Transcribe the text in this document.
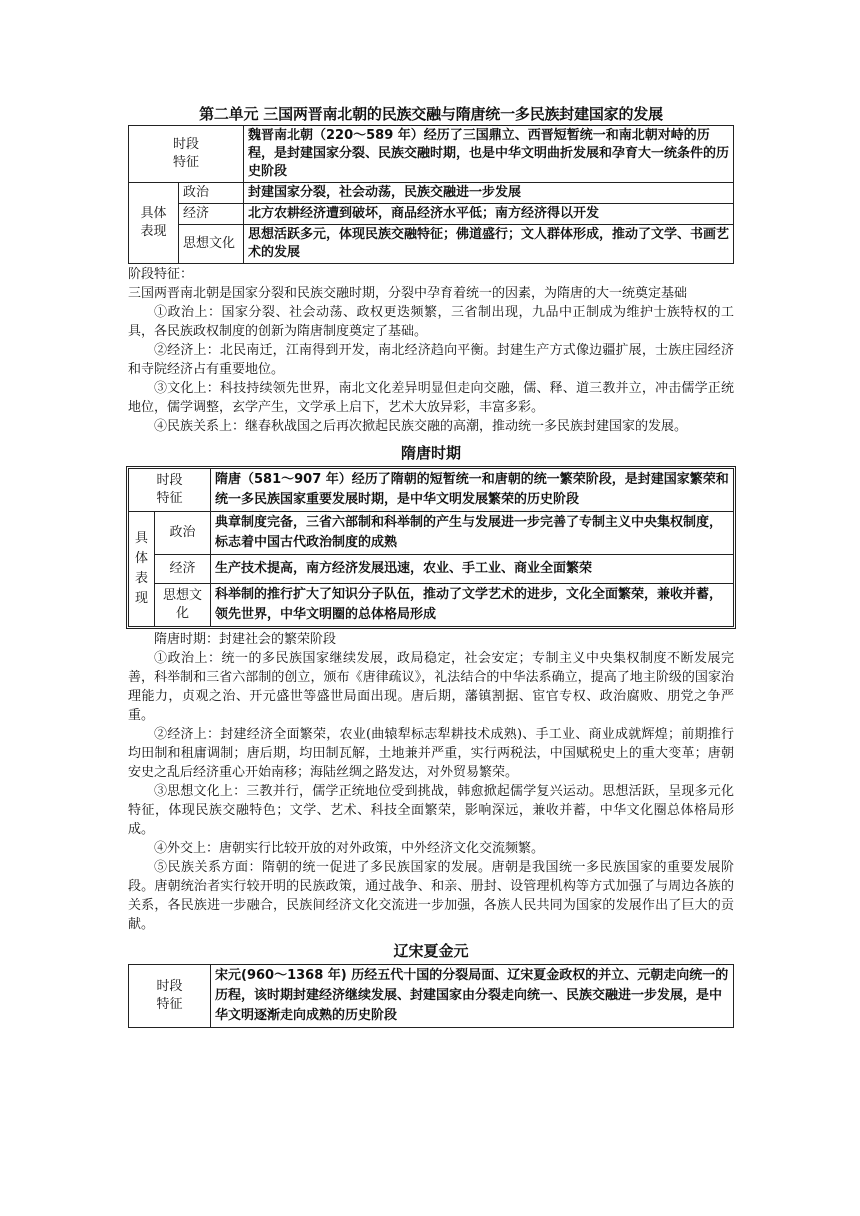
第二单元 三国两晋南北朝的民族交融与隋唐统一多民族封建国家的发展
时段
特征		魏晋南北朝（220～589 年）经历了三国鼎立、西晋短暂统一和南北朝对峙的历程，是封建国家分裂、民族交融时期，也是中华文明曲折发展和孕育大一统条件的历史阶段

具体
表现	政治	封建国家分裂，社会动荡，民族交融进一步发展
	经济	北方农耕经济遭到破坏，商品经济水平低；南方经济得以开发
	思想文化	思想活跃多元，体现民族交融特征；佛道盛行；文人群体形成，推动了文学、书画艺术的发展
阶段特征：

三国两晋南北朝是国家分裂和民族交融时期，分裂中孕育着统一的因素，为隋唐的大一统奠定基础

①政治上：国家分裂、社会动荡、政权更迭频繁，三省制出现，九品中正制成为维护士族特权的工具，各民族政权制度的创新为隋唐制度奠定了基础。

②经济上：北民南迁，江南得到开发，南北经济趋向平衡。封建生产方式像边疆扩展，士族庄园经济和寺院经济占有重要地位。

③文化上：科技持续领先世界，南北文化差异明显但走向交融，儒、释、道三教并立，冲击儒学正统地位，儒学调整，玄学产生，文学承上启下，艺术大放异彩，丰富多彩。

④民族关系上：继春秋战国之后再次掀起民族交融的高潮，推动统一多民族封建国家的发展。

隋唐时期
时段
特征		隋唐（581～907 年）经历了隋朝的短暂统一和唐朝的统一繁荣阶段，是封建国家繁荣和统一多民族国家重要发展时期，是中华文明发展繁荣的历史阶段

具
体
表
现	政治	典章制度完备，三省六部制和科举制的产生与发展进一步完善了专制主义中央集权制度，标志着中国古代政治制度的成熟
	经济	生产技术提高，南方经济发展迅速，农业、手工业、商业全面繁荣
	思想文化	科举制的推行扩大了知识分子队伍，推动了文学艺术的进步，文化全面繁荣，兼收并蓄，领先世界，中华文明圈的总体格局形成

隋唐时期：封建社会的繁荣阶段

①政治上：统一的多民族国家继续发展，政局稳定，社会安定；专制主义中央集权制度不断发展完善，科举制和三省六部制的创立，颁布《唐律疏议》，礼法结合的中华法系确立，提高了地主阶级的国家治理能力，贞观之治、开元盛世等盛世局面出现。唐后期，藩镇割据、宦官专权、政治腐败、朋党之争严重。

②经济上：封建经济全面繁荣，农业(曲辕犁标志犁耕技术成熟)、手工业、商业成就辉煌；前期推行均田制和租庸调制；唐后期，均田制瓦解，土地兼并严重，实行两税法，中国赋税史上的重大变革；唐朝安史之乱后经济重心开始南移；海陆丝绸之路发达，对外贸易繁荣。

③思想文化上：三教并行，儒学正统地位受到挑战，韩愈掀起儒学复兴运动。思想活跃，呈现多元化特征，体现民族交融特色；文学、艺术、科技全面繁荣，影响深远，兼收并蓄，中华文化圈总体格局形成。

④外交上：唐朝实行比较开放的对外政策，中外经济文化交流频繁。

⑤民族关系方面：隋朝的统一促进了多民族国家的发展。唐朝是我国统一多民族国家的重要发展阶段。唐朝统治者实行较开明的民族政策，通过战争、和亲、册封、设管理机构等方式加强了与周边各族的关系，各民族进一步融合，民族间经济文化交流进一步加强，各族人民共同为国家的发展作出了巨大的贡献。

辽宋夏金元
时段
特征
	宋元(960～1368 年) 历经五代十国的分裂局面、辽宋夏金政权的并立、元朝走向统一的历程，该时期封建经济继续发展、封建国家由分裂走向统一、民族交融进一步发展，是中华文明逐渐走向成熟的历史阶段
